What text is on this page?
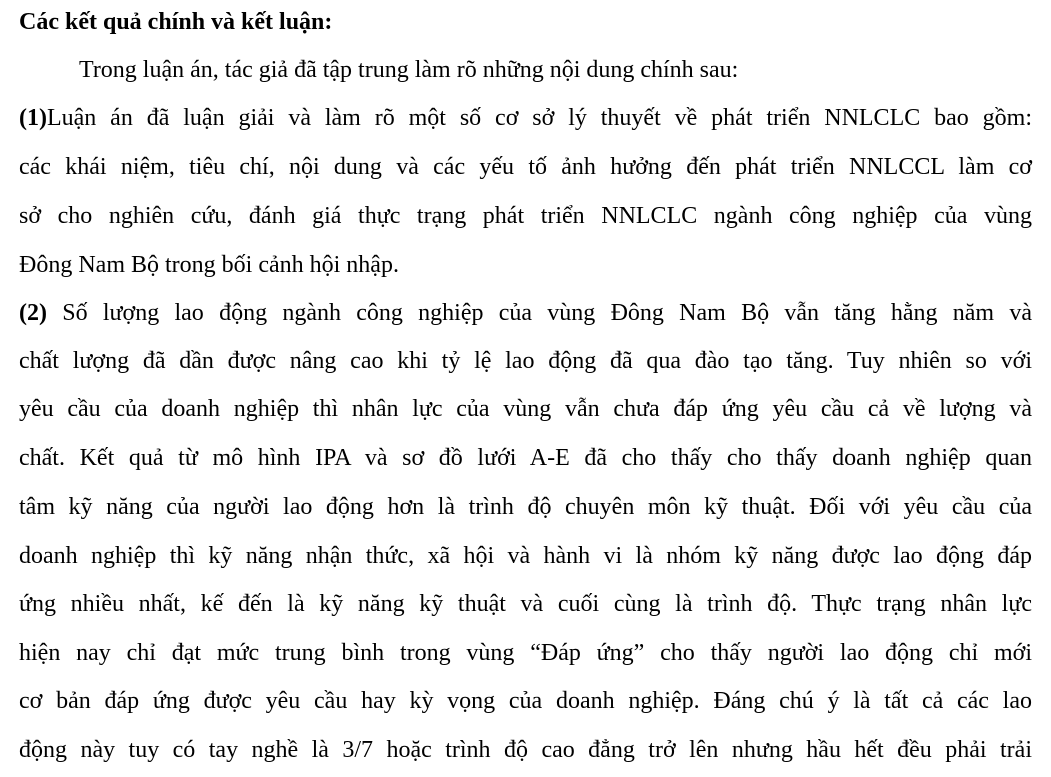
Các kết quả chính và kết luận:
Trong luận án, tác giả đã tập trung làm rõ những nội dung chính sau:
(1)Luận án đã luận giải và làm rõ một số cơ sở lý thuyết về phát triển NNLCLC bao gồm:
các khái niệm, tiêu chí, nội dung và các yếu tố ảnh hưởng đến phát triển NNLCCL làm cơ
sở cho nghiên cứu, đánh giá thực trạng phát triển NNLCLC ngành công nghiệp của vùng
Đông Nam Bộ trong bối cảnh hội nhập.
(2) Số lượng lao động ngành công nghiệp của vùng Đông Nam Bộ vẫn tăng hằng năm và
chất lượng đã dần được nâng cao khi tỷ lệ lao động đã qua đào tạo tăng. Tuy nhiên so với
yêu cầu của doanh nghiệp thì nhân lực của vùng vẫn chưa đáp ứng yêu cầu cả về lượng và
chất. Kết quả từ mô hình IPA và sơ đồ lưới A-E đã cho thấy cho thấy doanh nghiệp quan
tâm kỹ năng của người lao động hơn là trình độ chuyên môn kỹ thuật. Đối với yêu cầu của
doanh nghiệp thì kỹ năng nhận thức, xã hội và hành vi là nhóm kỹ năng được lao động đáp
ứng nhiều nhất, kế đến là kỹ năng kỹ thuật và cuối cùng là trình độ. Thực trạng nhân lực
hiện nay chỉ đạt mức trung bình trong vùng “Đáp ứng” cho thấy người lao động chỉ mới
cơ bản đáp ứng được yêu cầu hay kỳ vọng của doanh nghiệp. Đáng chú ý là tất cả các lao
động này tuy có tay nghề là 3/7 hoặc trình độ cao đẳng trở lên nhưng hầu hết đều phải trải
